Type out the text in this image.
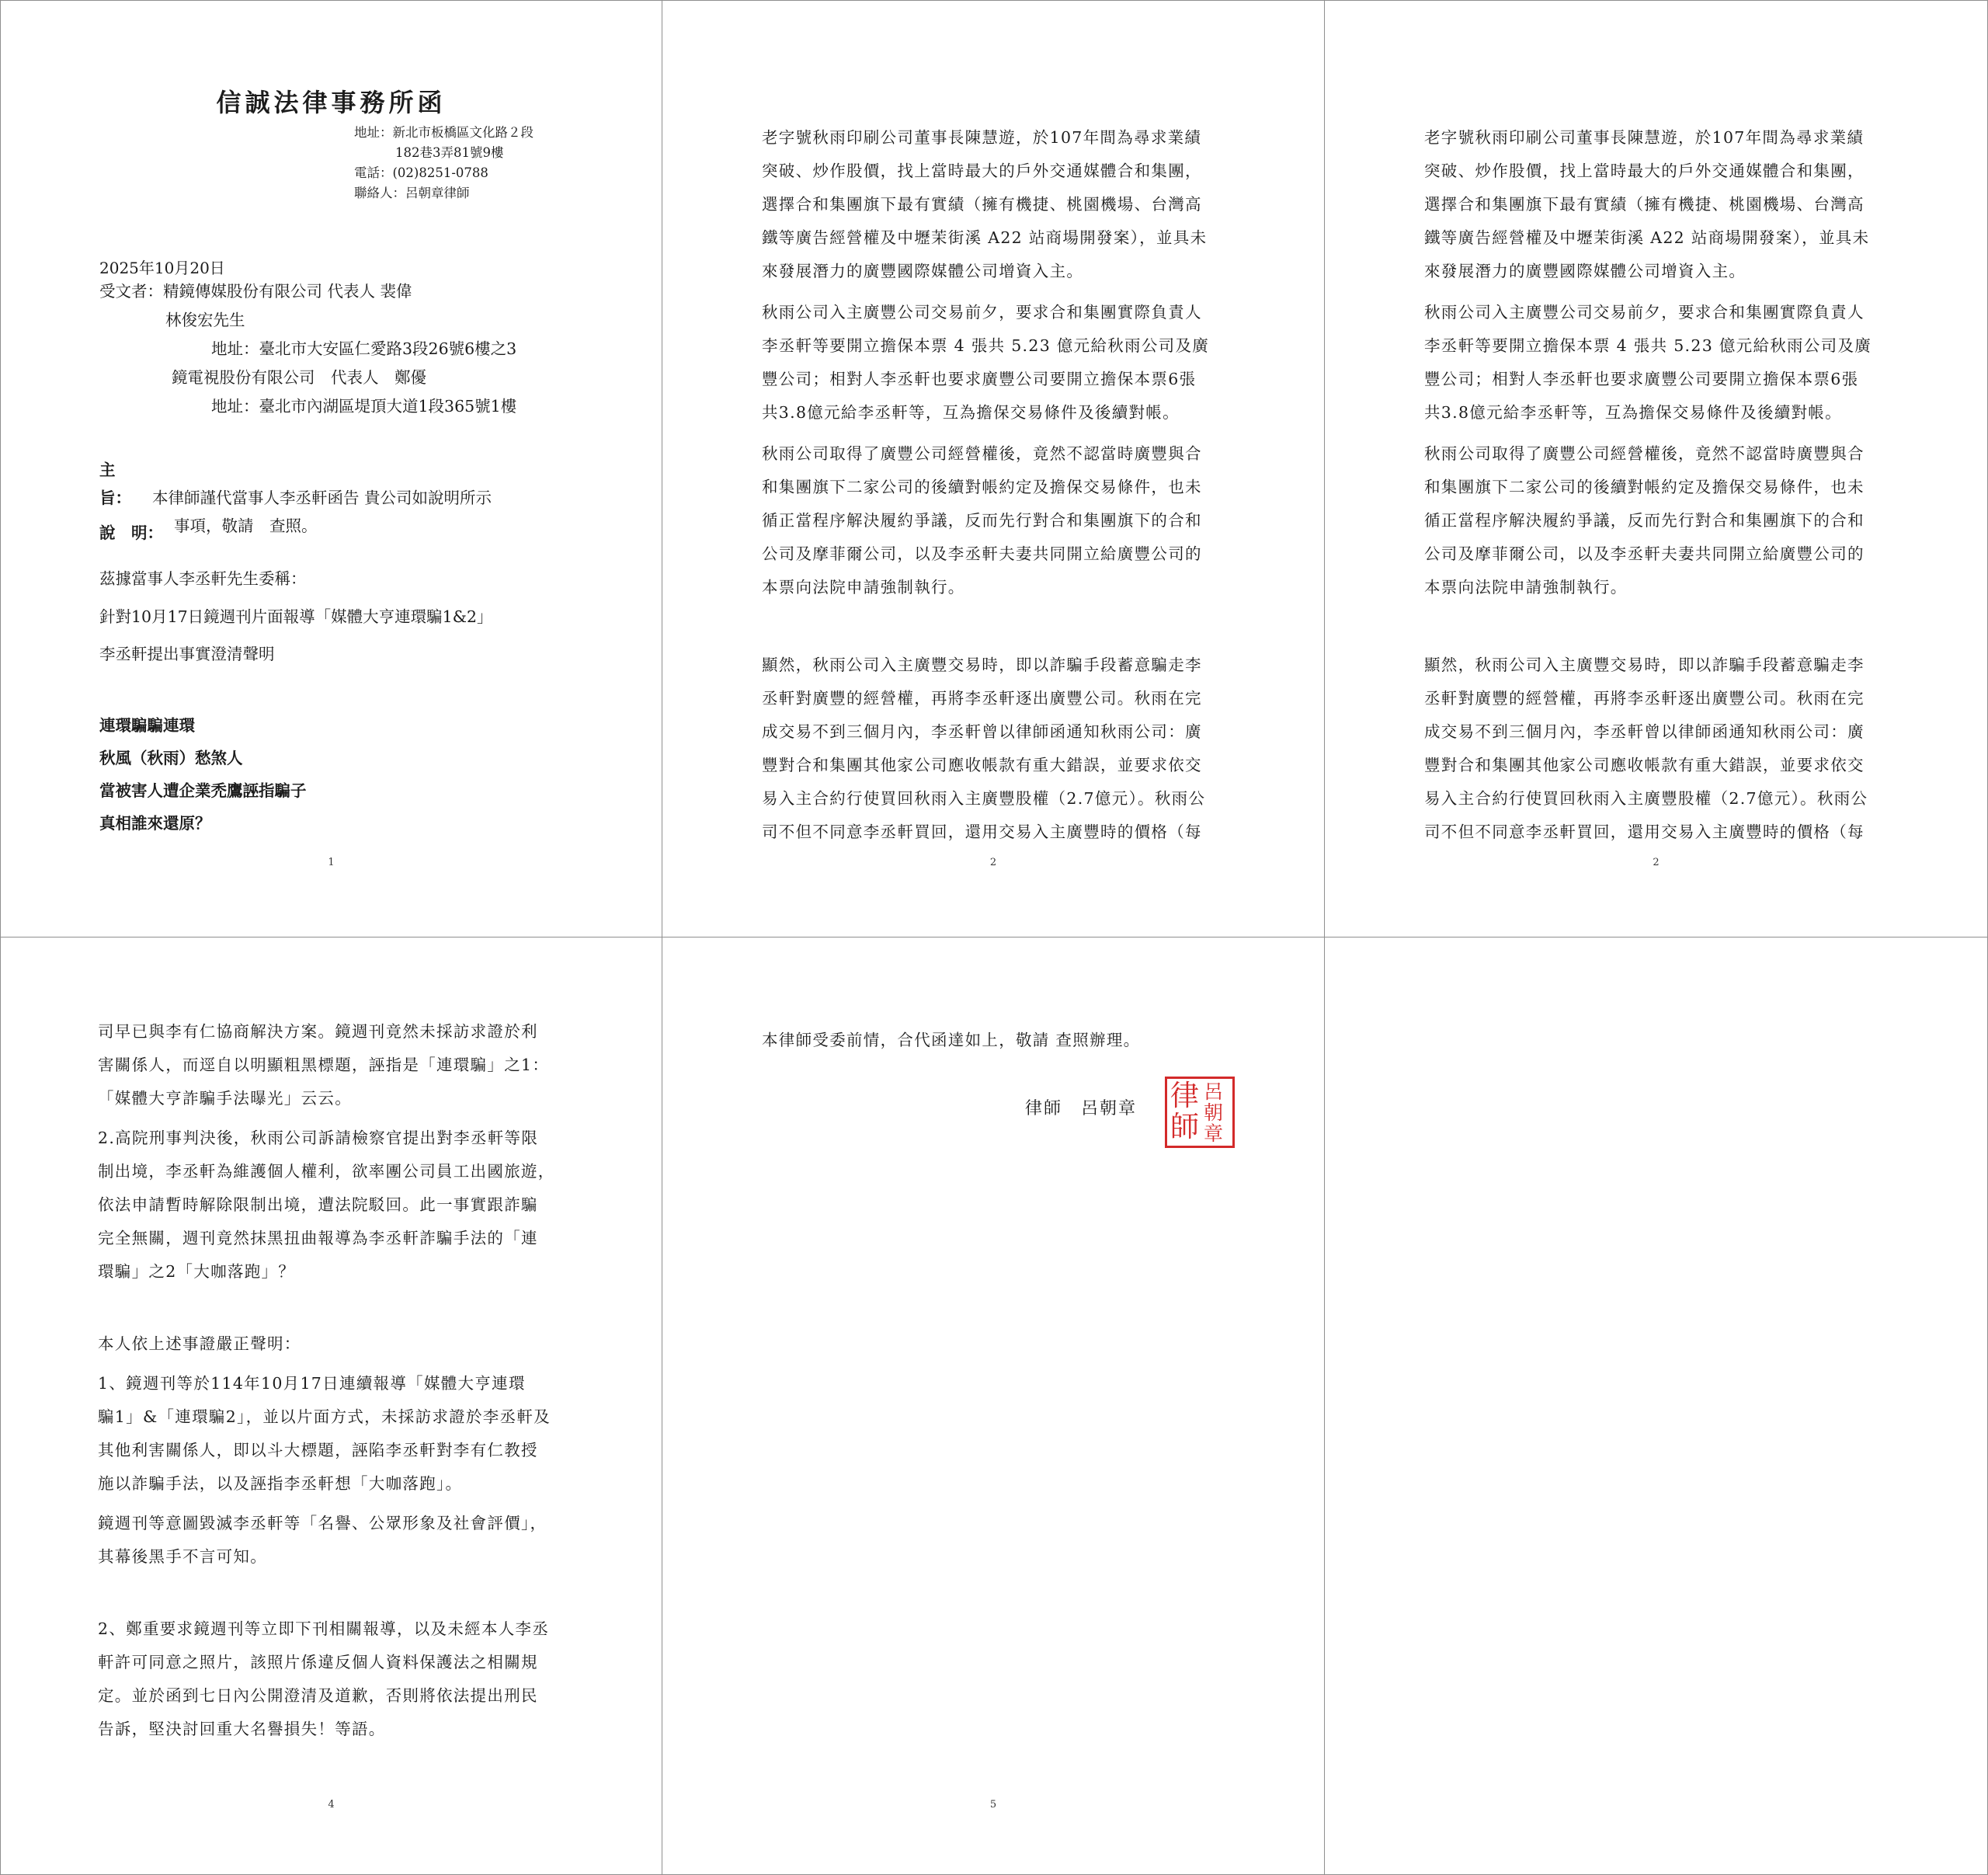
信誠法律事務所函
地址：新北市板橋區文化路２段
182巷3弄81號9樓
電話：(02)8251-0788
聯絡人：呂朝章律師
2025年10月20日
受文者：精鏡傳媒股份有限公司 代表人 裴偉
林俊宏先生
地址：臺北市大安區仁愛路3段26號6樓之3
鏡電視股份有限公司　代表人　鄭優
地址：臺北市內湖區堤頂大道1段365號1樓
主　旨： 本律師謹代當事人李丞軒函告 貴公司如說明所示
事項，敬請　查照。
說　明：
茲據當事人李丞軒先生委稱：
針對10月17日鏡週刊片面報導「媒體大亨連環騙1&2」
李丞軒提出事實澄清聲明
連環騙騙連環
秋風（秋雨）愁煞人
當被害人遭企業禿鷹誣指騙子
真相誰來還原？
1
老字號秋雨印刷公司董事長陳慧遊，於107年間為尋求業績
突破、炒作股價，找上當時最大的戶外交通媒體合和集團，
選擇合和集團旗下最有實績（擁有機捷、桃園機場、台灣高
鐵等廣告經營權及中壢茉街溪 A22 站商場開發案），並具未
來發展潛力的廣豐國際媒體公司增資入主。
秋雨公司入主廣豐公司交易前夕，要求合和集團實際負責人
李丞軒等要開立擔保本票 4 張共 5.23 億元給秋雨公司及廣
豐公司；相對人李丞軒也要求廣豐公司要開立擔保本票6張
共3.8億元給李丞軒等，互為擔保交易條件及後續對帳。
秋雨公司取得了廣豐公司經營權後，竟然不認當時廣豐與合
和集團旗下二家公司的後續對帳約定及擔保交易條件，也未
循正當程序解決履約爭議，反而先行對合和集團旗下的合和
公司及摩菲爾公司，以及李丞軒夫妻共同開立給廣豐公司的
本票向法院申請強制執行。
顯然，秋雨公司入主廣豐交易時，即以詐騙手段蓄意騙走李
丞軒對廣豐的經營權，再將李丞軒逐出廣豐公司。秋雨在完
成交易不到三個月內，李丞軒曾以律師函通知秋雨公司：廣
豐對合和集團其他家公司應收帳款有重大錯誤，並要求依交
易入主合約行使買回秋雨入主廣豐股權（2.7億元）。秋雨公
司不但不同意李丞軒買回，還用交易入主廣豐時的價格（每
2
老字號秋雨印刷公司董事長陳慧遊，於107年間為尋求業績
突破、炒作股價，找上當時最大的戶外交通媒體合和集團，
選擇合和集團旗下最有實績（擁有機捷、桃園機場、台灣高
鐵等廣告經營權及中壢茉街溪 A22 站商場開發案），並具未
來發展潛力的廣豐國際媒體公司增資入主。
秋雨公司入主廣豐公司交易前夕，要求合和集團實際負責人
李丞軒等要開立擔保本票 4 張共 5.23 億元給秋雨公司及廣
豐公司；相對人李丞軒也要求廣豐公司要開立擔保本票6張
共3.8億元給李丞軒等，互為擔保交易條件及後續對帳。
秋雨公司取得了廣豐公司經營權後，竟然不認當時廣豐與合
和集團旗下二家公司的後續對帳約定及擔保交易條件，也未
循正當程序解決履約爭議，反而先行對合和集團旗下的合和
公司及摩菲爾公司，以及李丞軒夫妻共同開立給廣豐公司的
本票向法院申請強制執行。
顯然，秋雨公司入主廣豐交易時，即以詐騙手段蓄意騙走李
丞軒對廣豐的經營權，再將李丞軒逐出廣豐公司。秋雨在完
成交易不到三個月內，李丞軒曾以律師函通知秋雨公司：廣
豐對合和集團其他家公司應收帳款有重大錯誤，並要求依交
易入主合約行使買回秋雨入主廣豐股權（2.7億元）。秋雨公
司不但不同意李丞軒買回，還用交易入主廣豐時的價格（每
2
司早已與李有仁協商解決方案。鏡週刊竟然未採訪求證於利
害關係人，而逕自以明顯粗黑標題，誣指是「連環騙」之1：
「媒體大亨詐騙手法曝光」云云。
2.高院刑事判決後，秋雨公司訴請檢察官提出對李丞軒等限
制出境，李丞軒為維護個人權利，欲率團公司員工出國旅遊，
依法申請暫時解除限制出境，遭法院駁回。此一事實跟詐騙
完全無關，週刊竟然抹黑扭曲報導為李丞軒詐騙手法的「連
環騙」之2「大咖落跑」？
本人依上述事證嚴正聲明：
1、鏡週刊等於114年10月17日連續報導「媒體大亨連環
騙1」&「連環騙2」，並以片面方式，未採訪求證於李丞軒及
其他利害關係人，即以斗大標題，誣陷李丞軒對李有仁教授
施以詐騙手法，以及誣指李丞軒想「大咖落跑」。
鏡週刊等意圖毀滅李丞軒等「名譽、公眾形象及社會評價」，
其幕後黑手不言可知。
2、鄭重要求鏡週刊等立即下刊相關報導，以及未經本人李丞
軒許可同意之照片，該照片係違反個人資料保護法之相關規
定。並於函到七日內公開澄清及道歉，否則將依法提出刑民
告訴，堅決討回重大名譽損失！等語。
4
本律師受委前情，合代函達如上，敬請 查照辦理。
律師　呂朝章 律師
呂朝章
5
